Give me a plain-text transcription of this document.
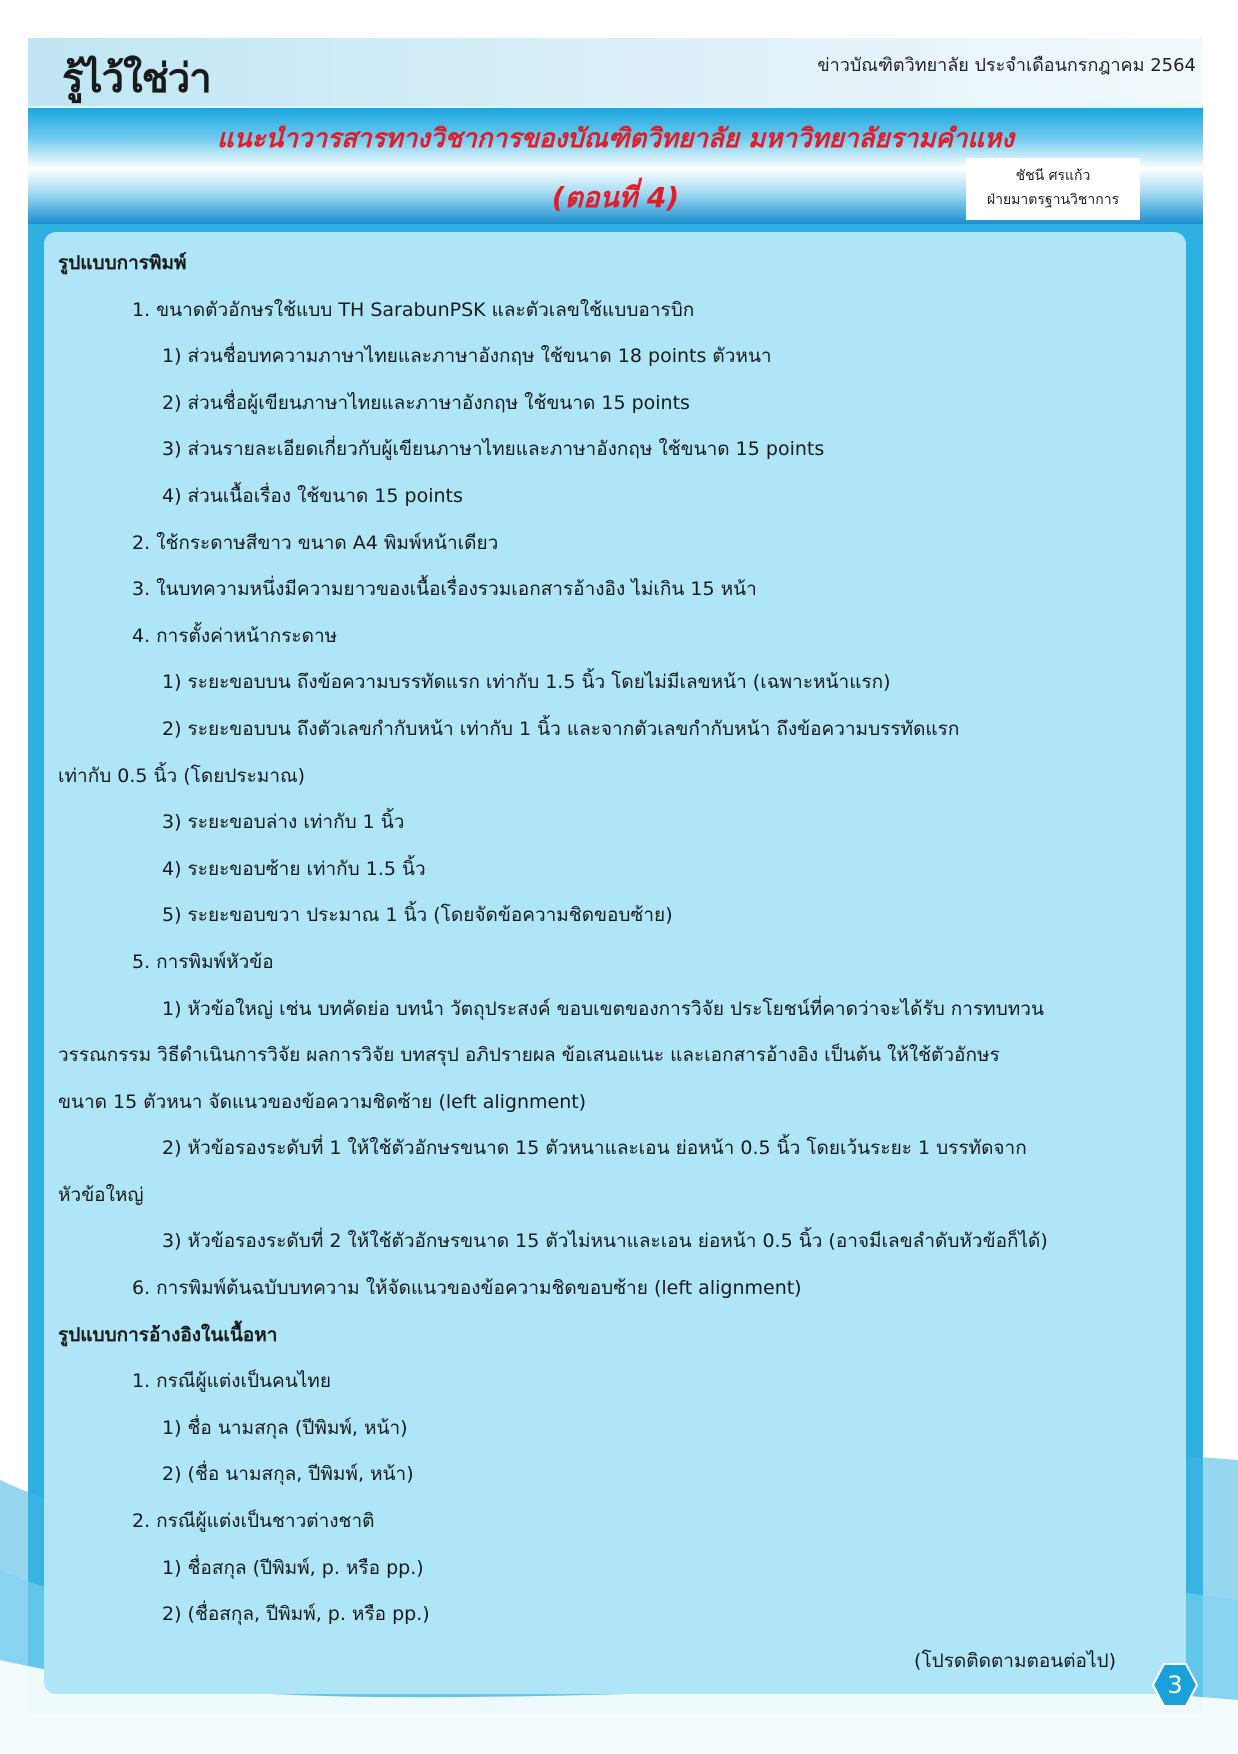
รู้ไว้ใช่ว่า	ข่าวบัณฑิตวิทยาลัย ประจำเดือนกรกฎาคม 2564
แนะนำวารสารทางวิชาการของบัณฑิตวิทยาลัย มหาวิทยาลัยรามคำแหง
(ตอนที่ 4)
ชัชนี ศรแก้ว
ฝ่ายมาตรฐานวิชาการ

รูปแบบการพิมพ์

1. ขนาดตัวอักษรใช้แบบ TH SarabunPSK และตัวเลขใช้แบบอารบิก

1) ส่วนชื่อบทความภาษาไทยและภาษาอังกฤษ ใช้ขนาด 18 points ตัวหนา

2) ส่วนชื่อผู้เขียนภาษาไทยและภาษาอังกฤษ ใช้ขนาด 15 points

3) ส่วนรายละเอียดเกี่ยวกับผู้เขียนภาษาไทยและภาษาอังกฤษ ใช้ขนาด 15 points

4) ส่วนเนื้อเรื่อง ใช้ขนาด 15 points

2. ใช้กระดาษสีขาว ขนาด A4 พิมพ์หน้าเดียว

3. ในบทความหนึ่งมีความยาวของเนื้อเรื่องรวมเอกสารอ้างอิง ไม่เกิน 15 หน้า

4. การตั้งค่าหน้ากระดาษ

1) ระยะขอบบน ถึงข้อความบรรทัดแรก เท่ากับ 1.5 นิ้ว โดยไม่มีเลขหน้า (เฉพาะหน้าแรก)

2) ระยะขอบบน ถึงตัวเลขกำกับหน้า เท่ากับ 1 นิ้ว และจากตัวเลขกำกับหน้า ถึงข้อความบรรทัดแรก

เท่ากับ 0.5 นิ้ว (โดยประมาณ)

3) ระยะขอบล่าง เท่ากับ 1 นิ้ว

4) ระยะขอบซ้าย เท่ากับ 1.5 นิ้ว

5) ระยะขอบขวา ประมาณ 1 นิ้ว (โดยจัดข้อความชิดขอบซ้าย)

5. การพิมพ์หัวข้อ

1) หัวข้อใหญ่ เช่น บทคัดย่อ บทนำ วัตถุประสงค์ ขอบเขตของการวิจัย ประโยชน์ที่คาดว่าจะได้รับ การทบทวน

วรรณกรรม วิธีดำเนินการวิจัย ผลการวิจัย บทสรุป อภิปรายผล ข้อเสนอแนะ และเอกสารอ้างอิง เป็นต้น ให้ใช้ตัวอักษร

ขนาด 15 ตัวหนา จัดแนวของข้อความชิดซ้าย (left alignment)

2) หัวข้อรองระดับที่ 1 ให้ใช้ตัวอักษรขนาด 15 ตัวหนาและเอน ย่อหน้า 0.5 นิ้ว โดยเว้นระยะ 1 บรรทัดจาก

หัวข้อใหญ่

3) หัวข้อรองระดับที่ 2 ให้ใช้ตัวอักษรขนาด 15 ตัวไม่หนาและเอน ย่อหน้า 0.5 นิ้ว (อาจมีเลขลำดับหัวข้อก็ได้)

6. การพิมพ์ต้นฉบับบทความ ให้จัดแนวของข้อความชิดขอบซ้าย (left alignment)

รูปแบบการอ้างอิงในเนื้อหา

1. กรณีผู้แต่งเป็นคนไทย

1) ชื่อ นามสกุล (ปีพิมพ์, หน้า)

2) (ชื่อ นามสกุล, ปีพิมพ์, หน้า)

2. กรณีผู้แต่งเป็นชาวต่างชาติ

1) ชื่อสกุล (ปีพิมพ์, p. หรือ pp.)

2) (ชื่อสกุล, ปีพิมพ์, p. หรือ pp.)

(โปรดติดตามตอนต่อไป)

3
